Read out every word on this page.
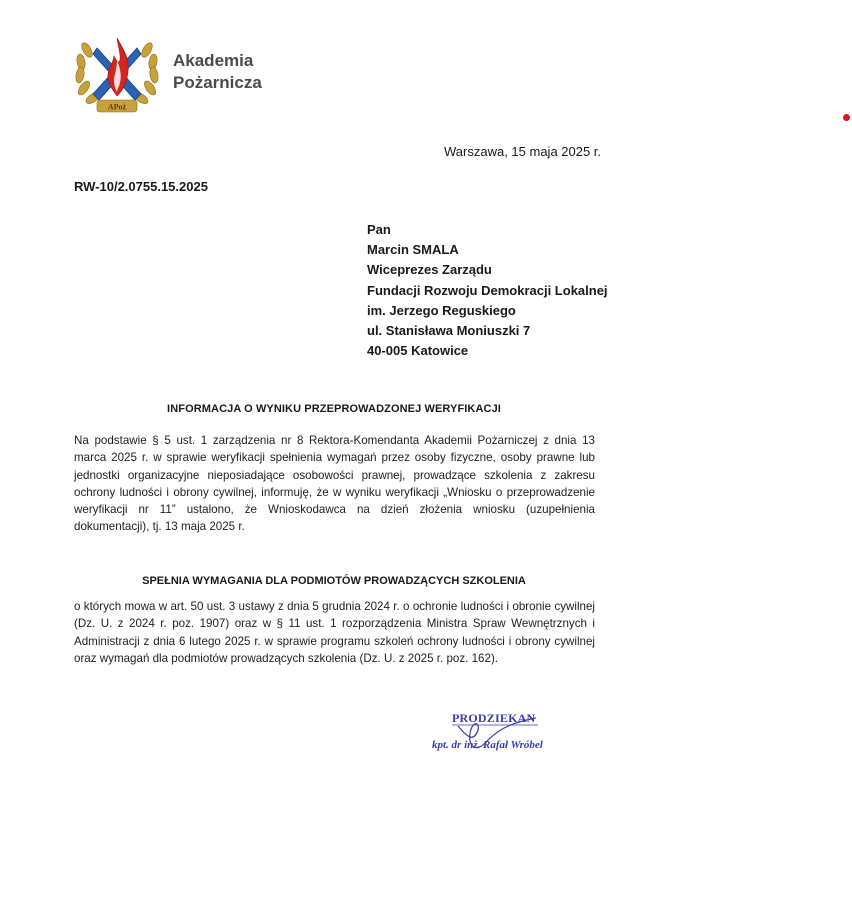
APoż
Akademia
Pożarnicza
Warszawa, 15 maja 2025 r.
RW-10/2.0755.15.2025
Pan
Marcin SMALA
Wiceprezes Zarządu
Fundacji Rozwoju Demokracji Lokalnej
im. Jerzego Reguskiego
ul. Stanisława Moniuszki 7
40-005 Katowice
INFORMACJA O WYNIKU PRZEPROWADZONEJ WERYFIKACJI
Na podstawie § 5 ust. 1 zarządzenia nr 8 Rektora-Komendanta Akademii Pożarniczej z dnia 13 marca 2025 r. w sprawie weryfikacji spełnienia wymagań przez osoby fizyczne, osoby prawne lub jednostki organizacyjne nieposiadające osobowości prawnej, prowadzące szkolenia z zakresu ochrony ludności i obrony cywilnej, informuję, że w wyniku weryfikacji „Wniosku o przeprowadzenie weryfikacji nr 11” ustalono, że Wnioskodawca na dzień złożenia wniosku (uzupełnienia dokumentacji), tj. 13 maja 2025 r.
SPEŁNIA WYMAGANIA DLA PODMIOTÓW PROWADZĄCYCH SZKOLENIA
o których mowa w art. 50 ust. 3 ustawy z dnia 5 grudnia 2024 r. o ochronie ludności i obronie cywilnej (Dz. U. z 2024 r. poz. 1907) oraz w § 11 ust. 1 rozporządzenia Ministra Spraw Wewnętrznych i Administracji z dnia 6 lutego 2025 r. w sprawie programu szkoleń ochrony ludności i obrony cywilnej oraz wymagań dla podmiotów prowadzących szkolenia (Dz. U. z 2025 r. poz. 162).
PRODZIEKAN
kpt. dr inż. Rafał Wróbel
